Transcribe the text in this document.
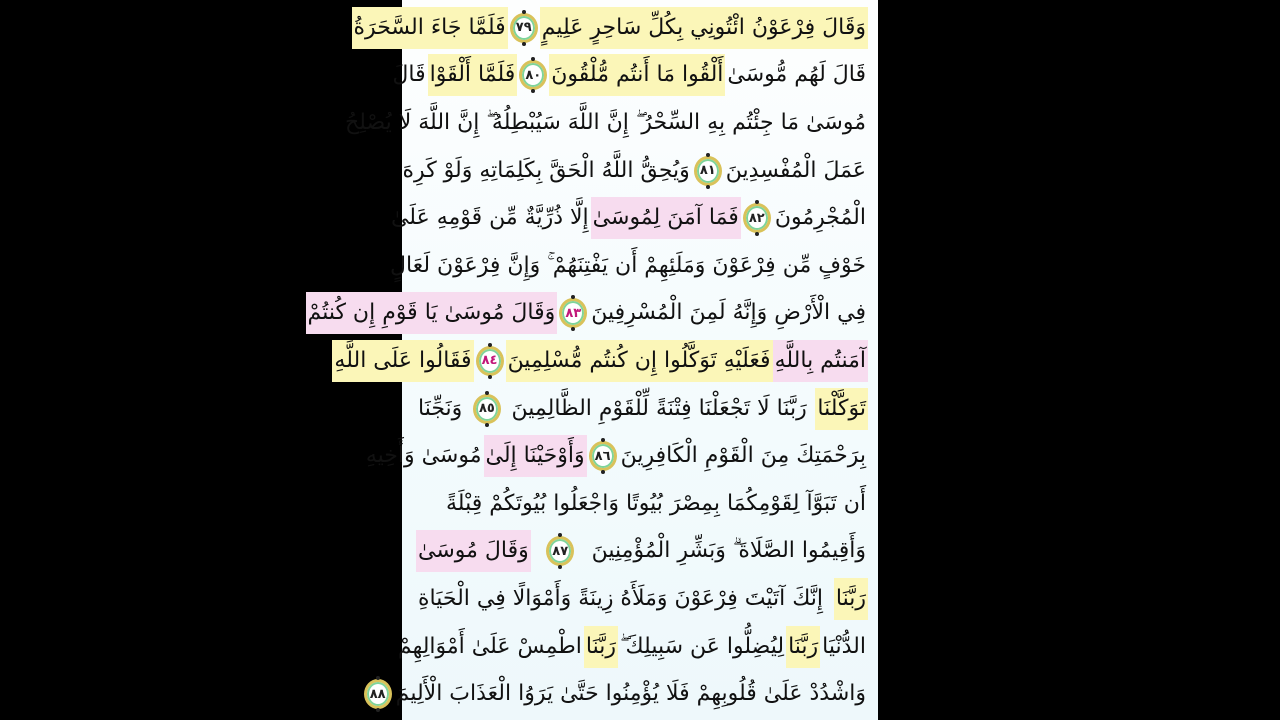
وَقَالَ فِرْعَوْنُ ائْتُونِي بِكُلِّ سَاحِرٍ عَلِيمٍ
٧٩
فَلَمَّا جَاءَ السَّحَرَةُ
قَالَ لَهُم مُّوسَىٰ
أَلْقُوا مَا أَنتُم مُّلْقُونَ
٨٠
فَلَمَّا أَلْقَوْا
قَالَ
مُوسَىٰ مَا جِئْتُم بِهِ السِّحْرُ ۖ إِنَّ اللَّهَ سَيُبْطِلُهُ ۖ إِنَّ اللَّهَ لَا يُصْلِحُ
عَمَلَ الْمُفْسِدِينَ
٨١
وَيُحِقُّ اللَّهُ الْحَقَّ بِكَلِمَاتِهِ وَلَوْ كَرِهَ
الْمُجْرِمُونَ
٨٢
فَمَا آمَنَ لِمُوسَىٰ
إِلَّا ذُرِّيَّةٌ مِّن قَوْمِهِ عَلَىٰ
خَوْفٍ مِّن فِرْعَوْنَ وَمَلَئِهِمْ أَن يَفْتِنَهُمْ ۚ وَإِنَّ فِرْعَوْنَ لَعَالٍ
فِي الْأَرْضِ وَإِنَّهُ لَمِنَ الْمُسْرِفِينَ
٨٣
وَقَالَ مُوسَىٰ يَا قَوْمِ إِن كُنتُمْ
آمَنتُم بِاللَّهِ
فَعَلَيْهِ تَوَكَّلُوا إِن كُنتُم مُّسْلِمِينَ
٨٤
فَقَالُوا عَلَى اللَّهِ
تَوَكَّلْنَا
رَبَّنَا لَا تَجْعَلْنَا فِتْنَةً لِّلْقَوْمِ الظَّالِمِينَ
٨٥
وَنَجِّنَا
بِرَحْمَتِكَ مِنَ الْقَوْمِ الْكَافِرِينَ
٨٦
وَأَوْحَيْنَا إِلَىٰ
مُوسَىٰ وَأَخِيهِ
أَن تَبَوَّآ لِقَوْمِكُمَا بِمِصْرَ بُيُوتًا وَاجْعَلُوا بُيُوتَكُمْ قِبْلَةً
وَأَقِيمُوا الصَّلَاةَ ۗ وَبَشِّرِ الْمُؤْمِنِينَ
٨٧
وَقَالَ مُوسَىٰ
رَبَّنَا
إِنَّكَ آتَيْتَ فِرْعَوْنَ وَمَلَأَهُ زِينَةً وَأَمْوَالًا فِي الْحَيَاةِ
الدُّنْيَا
رَبَّنَا
لِيُضِلُّوا عَن سَبِيلِكَ ۖ
رَبَّنَا
اطْمِسْ عَلَىٰ أَمْوَالِهِمْ
وَاشْدُدْ عَلَىٰ قُلُوبِهِمْ فَلَا يُؤْمِنُوا حَتَّىٰ يَرَوُا الْعَذَابَ الْأَلِيمَ
٨٨
